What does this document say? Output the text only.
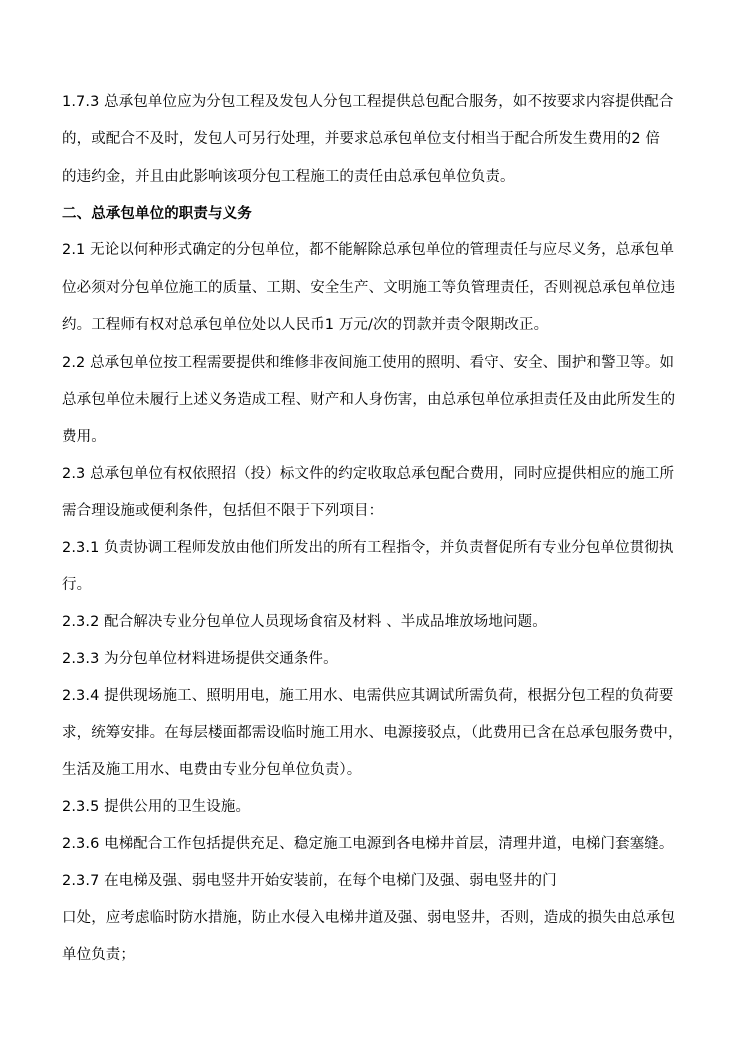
1.7.3 总承包单位应为分包工程及发包人分包工程提供总包配合服务，如不按要求内容提供配合
的，或配合不及时，发包人可另行处理，并要求总承包单位支付相当于配合所发生费用的2 倍
的违约金，并且由此影响该项分包工程施工的责任由总承包单位负责。
二、总承包单位的职责与义务
2.1 无论以何种形式确定的分包单位，都不能解除总承包单位的管理责任与应尽义务，总承包单
位必须对分包单位施工的质量、工期、安全生产、文明施工等负管理责任，否则视总承包单位违
约。工程师有权对总承包单位处以人民币1 万元/次的罚款并责令限期改正。
2.2 总承包单位按工程需要提供和维修非夜间施工使用的照明、看守、安全、围护和警卫等。如
总承包单位未履行上述义务造成工程、财产和人身伤害，由总承包单位承担责任及由此所发生的
费用。
2.3 总承包单位有权依照招（投）标文件的约定收取总承包配合费用，同时应提供相应的施工所
需合理设施或便利条件，包括但不限于下列项目：
2.3.1 负责协调工程师发放由他们所发出的所有工程指令，并负责督促所有专业分包单位贯彻执
行。
2.3.2 配合解决专业分包单位人员现场食宿及材料 、半成品堆放场地问题。
2.3.3 为分包单位材料进场提供交通条件。
2.3.4 提供现场施工、照明用电，施工用水、电需供应其调试所需负荷，根据分包工程的负荷要
求，统筹安排。在每层楼面都需设临时施工用水、电源接驳点，（此费用已含在总承包服务费中，
生活及施工用水、电费由专业分包单位负责）。
2.3.5 提供公用的卫生设施。
2.3.6 电梯配合工作包括提供充足、稳定施工电源到各电梯井首层，清理井道，电梯门套塞缝。
2.3.7 在电梯及强、弱电竖井开始安装前，在每个电梯门及强、弱电竖井的门
口处，应考虑临时防水措施，防止水侵入电梯井道及强、弱电竖井，否则，造成的损失由总承包
单位负责；
